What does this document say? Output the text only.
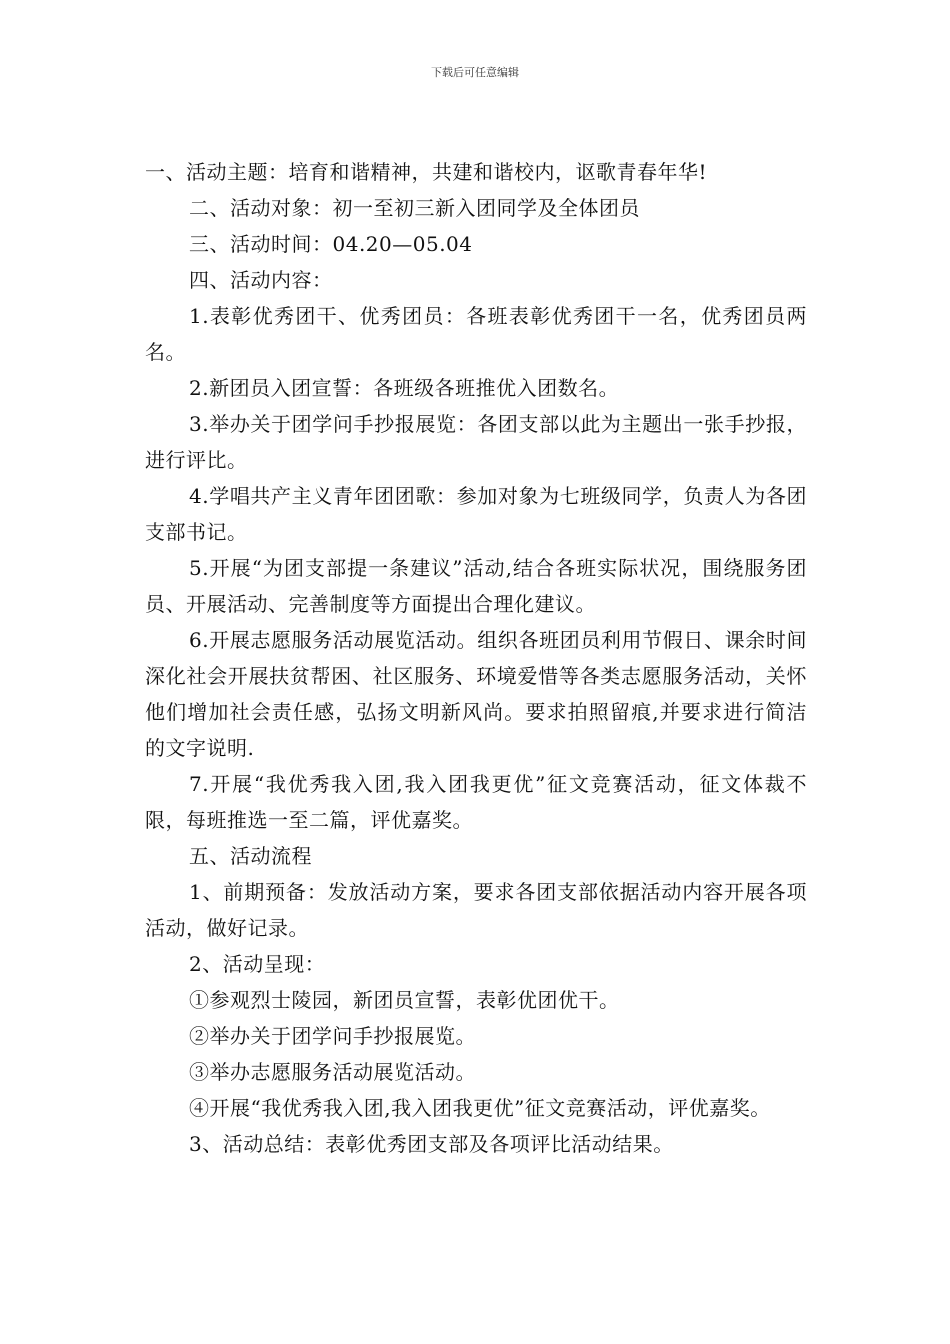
下载后可任意编辑

一、活动主题：培育和谐精神，共建和谐校内，讴歌青春年华!

二、活动对象：初一至初三新入团同学及全体团员

三、活动时间：04.20—05.04

四、活动内容：

1.表彰优秀团干、优秀团员：各班表彰优秀团干一名，优秀团员两名。

2.新团员入团宣誓：各班级各班推优入团数名。

3.举办关于团学问手抄报展览：各团支部以此为主题出一张手抄报，进行评比。

4.学唱共产主义青年团团歌：参加对象为七班级同学，负责人为各团支部书记。

5.开展“为团支部提一条建议”活动,结合各班实际状况，围绕服务团员、开展活动、完善制度等方面提出合理化建议。

6.开展志愿服务活动展览活动。组织各班团员利用节假日、课余时间深化社会开展扶贫帮困、社区服务、环境爱惜等各类志愿服务活动，关怀他们增加社会责任感，弘扬文明新风尚。要求拍照留痕,并要求进行简洁的文字说明.

7.开展“我优秀我入团,我入团我更优”征文竞赛活动，征文体裁不限，每班推选一至二篇，评优嘉奖。

五、活动流程

1、前期预备：发放活动方案，要求各团支部依据活动内容开展各项活动，做好记录。

2、活动呈现：

①参观烈士陵园，新团员宣誓，表彰优团优干。

②举办关于团学问手抄报展览。

③举办志愿服务活动展览活动。

④开展“我优秀我入团,我入团我更优”征文竞赛活动，评优嘉奖。

3、活动总结：表彰优秀团支部及各项评比活动结果。
